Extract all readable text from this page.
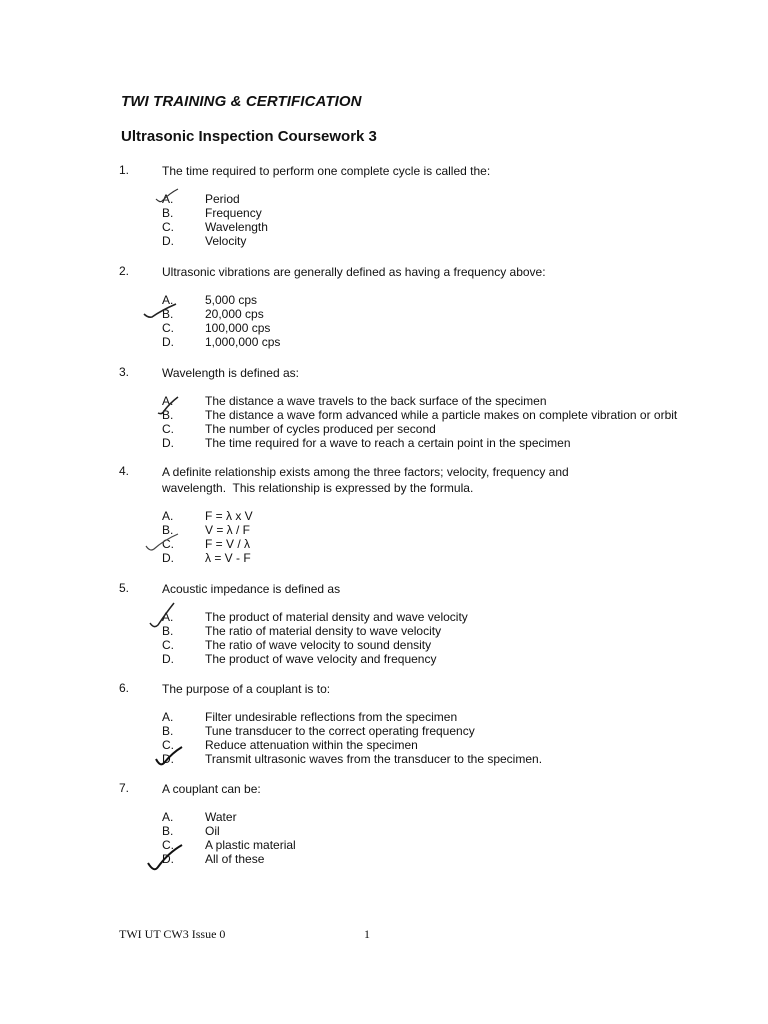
TWI TRAINING & CERTIFICATION
Ultrasonic Inspection Coursework 3
1.	The time required to perform one complete cycle is called the:
A.	Period
B.	Frequency
C.	Wavelength
D.	Velocity
2.	Ultrasonic vibrations are generally defined as having a frequency above:
A.	5,000 cps
B.	20,000 cps
C.	100,000 cps
D.	1,000,000 cps
3.	Wavelength is defined as:
A.	The distance a wave travels to the back surface of the specimen
B.	The distance a wave form advanced while a particle makes on complete vibration or orbit
C.	The number of cycles produced per second
D.	The time required for a wave to reach a certain point in the specimen
4.	A definite relationship exists among the three factors; velocity, frequency and wavelength.  This relationship is expressed by the formula.
A.	F = λ x V
B.	V = λ / F
C.	F = V / λ
D.	λ = V - F
5.	Acoustic impedance is defined as
A.	The product of material density and wave velocity
B.	The ratio of material density to wave velocity
C.	The ratio of wave velocity to sound density
D.	The product of wave velocity and frequency
6.	The purpose of a couplant is to:
A.	Filter undesirable reflections from the specimen
B.	Tune transducer to the correct operating frequency
C.	Reduce attenuation within the specimen
D.	Transmit ultrasonic waves from the transducer to the specimen.
7.	A couplant can be:
A.	Water
B.	Oil
C.	A plastic material
D.	All of these
TWI UT CW3 Issue 0	1
